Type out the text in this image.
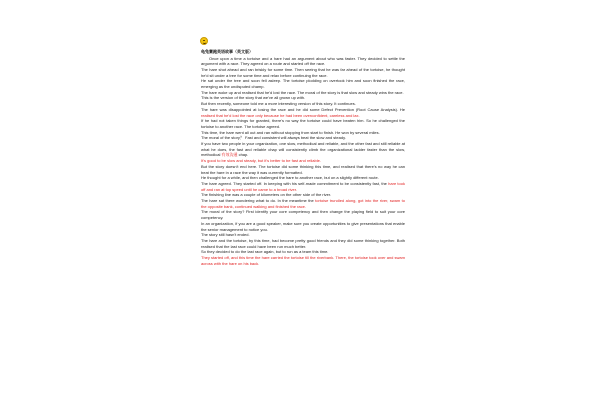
龟兔赛跑英语故事（英文版）

Once upon a time a tortoise and a hare had an argument about who was faster. They decided to settle the argument with a race. They agreed on a route and started off the race.

The hare shot ahead and ran briskly for some time. Then seeing that he was far ahead of the tortoise, he thought he'd sit under a tree for some time and relax before continuing the race.

He sat under the tree and soon fell asleep. The tortoise plodding on overtook him and soon finished the race, emerging as the undisputed champ.

The hare woke up and realised that he'd lost the race. The moral of the story is that slow and steady wins the race.

This is the version of the story that we've all grown up with.

But then recently, someone told me a more interesting version of this story. It continues.

The hare was disappointed at losing the race and he did some Defect Prevention (Root Cause Analysis). He realised that he'd lost the race only because he had been overconfident, careless and lax.

If he had not taken things for granted, there's no way the tortoise could have beaten him. So he challenged the tortoise to another race. The tortoise agreed.

This time, the hare went all out and ran without stopping from start to finish. He won by several miles.

The moral of the story？ Fast and consistent will always beat the slow and steady.

If you have two people in your organization, one slow, methodical and reliable, and the other fast and still reliable at what he does, the fast and reliable chap will consistently climb the organizational ladder faster than the slow, methodical 有效沟通 chap.

It's good to be slow and steady, but it's better to be fast and reliable.

But the story doesn't end here. The tortoise did some thinking this time, and realised that there's no way he can beat the hare in a race the way it was currently formatted.

He thought for a while, and then challenged the hare to another race, but on a slightly different route.

The hare agreed. They started off. In keeping with his self-made commitment to be consistently fast, the hare took off and ran at top speed until he came to a broad river.

The finishing line was a couple of kilometers on the other side of the river.

The hare sat there wondering what to do. In the meantime the tortoise trundled along, got into the river, swam to the opposite bank, continued walking and finished the race.

The moral of the story? First identify your core competency and then change the playing field to suit your core competency.

In an organization, if you are a good speaker, make sure you create opportunities to give presentations that enable the senior management to notice you.

The story still hasn't ended.

The hare and the tortoise, by this time, had become pretty good friends and they did some thinking together. Both realised that the last race could have been run much better.

So they decided to do the last race again, but to run as a team this time.

They started off, and this time the hare carried the tortoise till the riverbank. There, the tortoise took over and swam across with the hare on his back.
